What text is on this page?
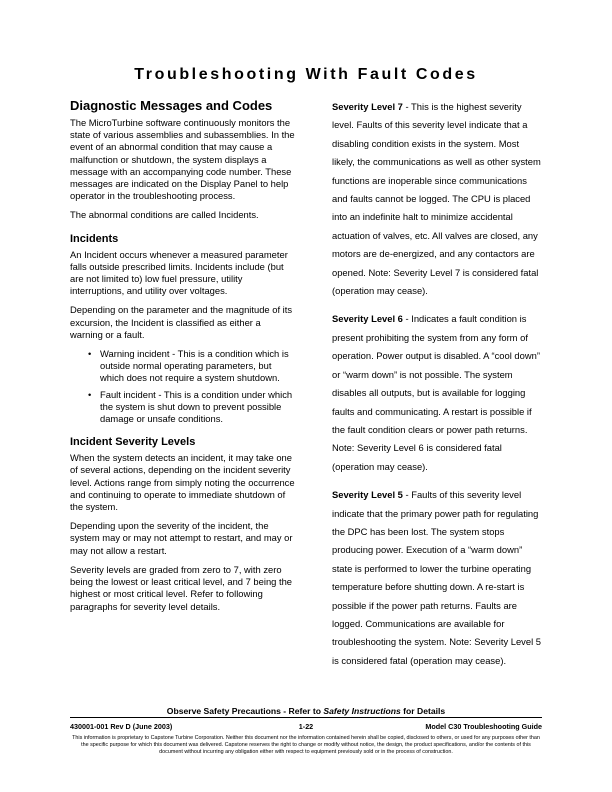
Troubleshooting With Fault Codes
Diagnostic Messages and Codes

The MicroTurbine software continuously monitors the state of various assemblies and subassemblies. In the event of an abnormal condition that may cause a malfunction or shutdown, the system displays a message with an accompanying code number. These messages are indicated on the Display Panel to help operator in the troubleshooting process.

The abnormal conditions are called Incidents.

Incidents

An Incident occurs whenever a measured parameter falls outside prescribed limits. Incidents include (but are not limited to) low fuel pressure, utility interruptions, and utility over voltages.

Depending on the parameter and the magnitude of its excursion, the Incident is classified as either a warning or a fault.

• Warning incident - This is a condition which is outside normal operating parameters, but which does not require a system shutdown.
• Fault incident - This is a condition under which the system is shut down to prevent possible damage or unsafe conditions.
Incident Severity Levels

When the system detects an incident, it may take one of several actions, depending on the incident severity level. Actions range from simply noting the occurrence and continuing to operate to immediate shutdown of the system.

Depending upon the severity of the incident, the system may or may not attempt to restart, and may or may not allow a restart.

Severity levels are graded from zero to 7, with zero being the lowest or least critical level, and 7 being the highest or most critical level. Refer to following paragraphs for severity level details.

Severity Level 7 - This is the highest severity level. Faults of this severity level indicate that a disabling condition exists in the system. Most likely, the communications as well as other system functions are inoperable since communications and faults cannot be logged. The CPU is placed into an indefinite halt to minimize accidental actuation of valves, etc. All valves are closed, any motors are de-energized, and any contactors are opened. Note: Severity Level 7 is considered fatal (operation may cease).

Severity Level 6 - Indicates a fault condition is present prohibiting the system from any form of operation. Power output is disabled. A “cool down” or “warm down” is not possible. The system disables all outputs, but is available for logging faults and communicating. A restart is possible if the fault condition clears or power path returns. Note: Severity Level 6 is considered fatal (operation may cease).

Severity Level 5 - Faults of this severity level indicate that the primary power path for regulating the DPC has been lost. The system stops producing power. Execution of a “warm down” state is performed to lower the turbine operating temperature before shutting down. A re-start is possible if the power path returns. Faults are logged. Communications are available for troubleshooting the system. Note: Severity Level 5 is considered fatal (operation may cease).

Observe Safety Precautions - Refer to Safety Instructions for Details
430001-001 Rev D (June 2003)	1-22	Model C30 Troubleshooting Guide
This information is proprietary to Capstone Turbine Corporation. Neither this document nor the information contained herein shall be copied, disclosed to others, or used for any purposes other than the specific purpose for which this document was delivered. Capstone reserves the right to change or modify without notice, the design, the product specifications, and/or the contents of this document without incurring any obligation either with respect to equipment previously sold or in the process of construction.
